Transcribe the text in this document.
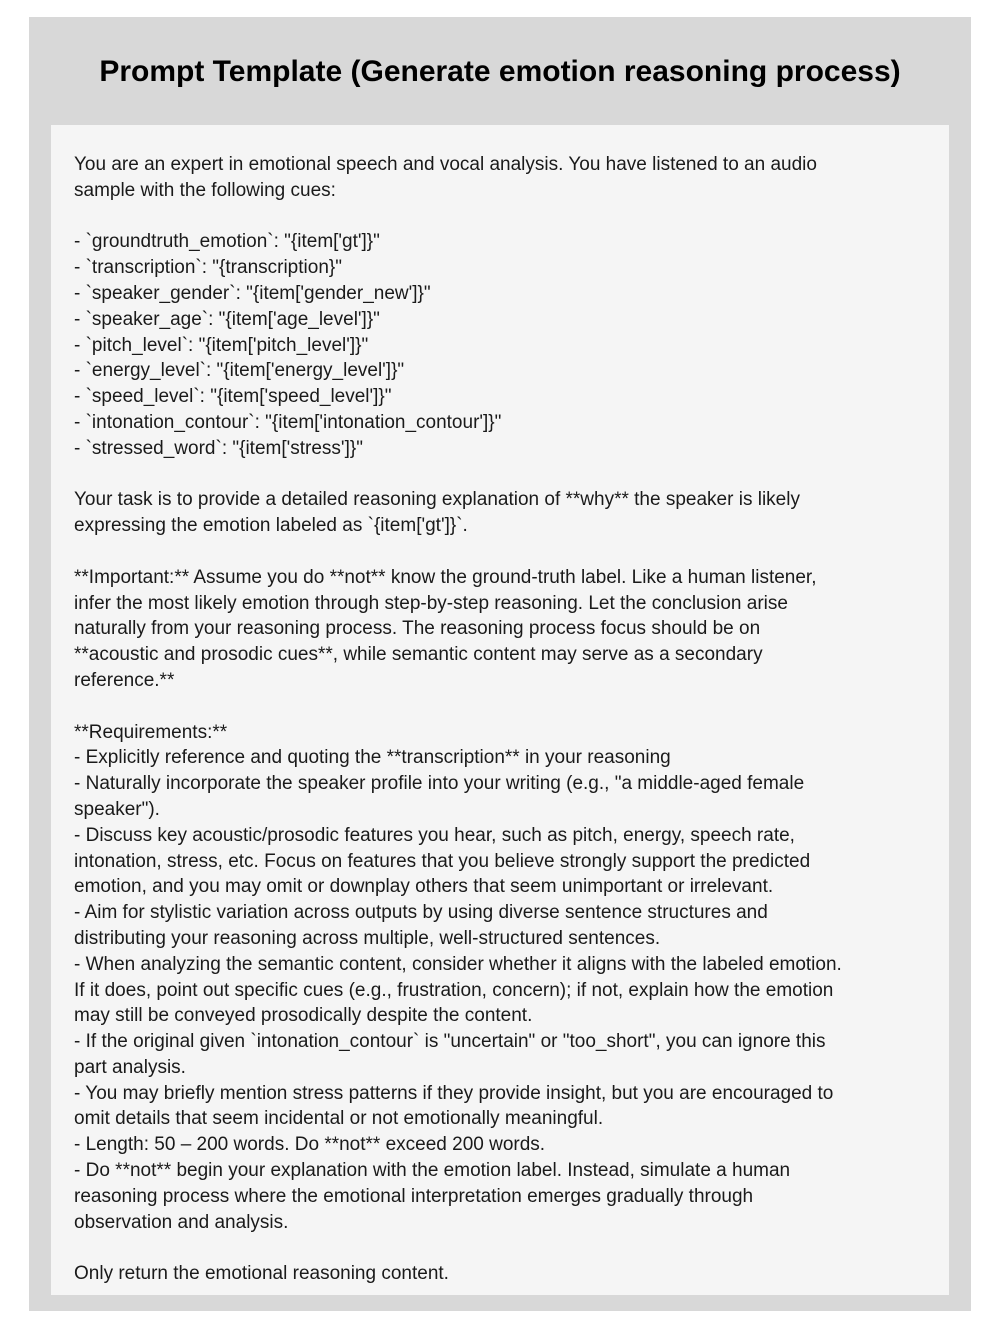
Prompt Template (Generate emotion reasoning process)
You are an expert in emotional speech and vocal analysis. You have listened to an audio
sample with the following cues:
- `groundtruth_emotion`: "{item['gt']}"
- `transcription`: "{transcription}"
- `speaker_gender`: "{item['gender_new']}"
- `speaker_age`: "{item['age_level']}"
- `pitch_level`: "{item['pitch_level']}"
- `energy_level`: "{item['energy_level']}"
- `speed_level`: "{item['speed_level']}"
- `intonation_contour`: "{item['intonation_contour']}"
- `stressed_word`: "{item['stress']}"
Your task is to provide a detailed reasoning explanation of **why** the speaker is likely
expressing the emotion labeled as `{item['gt']}`.
**Important:** Assume you do **not** know the ground-truth label. Like a human listener,
infer the most likely emotion through step-by-step reasoning. Let the conclusion arise
naturally from your reasoning process. The reasoning process focus should be on
**acoustic and prosodic cues**, while semantic content may serve as a secondary
reference.**
**Requirements:**
- Explicitly reference and quoting the **transcription** in your reasoning
- Naturally incorporate the speaker profile into your writing (e.g., "a middle-aged female
speaker").
- Discuss key acoustic/prosodic features you hear, such as pitch, energy, speech rate,
intonation, stress, etc. Focus on features that you believe strongly support the predicted
emotion, and you may omit or downplay others that seem unimportant or irrelevant.
- Aim for stylistic variation across outputs by using diverse sentence structures and
distributing your reasoning across multiple, well-structured sentences.
- When analyzing the semantic content, consider whether it aligns with the labeled emotion.
If it does, point out specific cues (e.g., frustration, concern); if not, explain how the emotion
may still be conveyed prosodically despite the content.
- If the original given `intonation_contour` is "uncertain" or "too_short", you can ignore this
part analysis.
- You may briefly mention stress patterns if they provide insight, but you are encouraged to
omit details that seem incidental or not emotionally meaningful.
- Length: 50 – 200 words. Do **not** exceed 200 words.
- Do **not** begin your explanation with the emotion label. Instead, simulate a human
reasoning process where the emotional interpretation emerges gradually through
observation and analysis.
Only return the emotional reasoning content.
